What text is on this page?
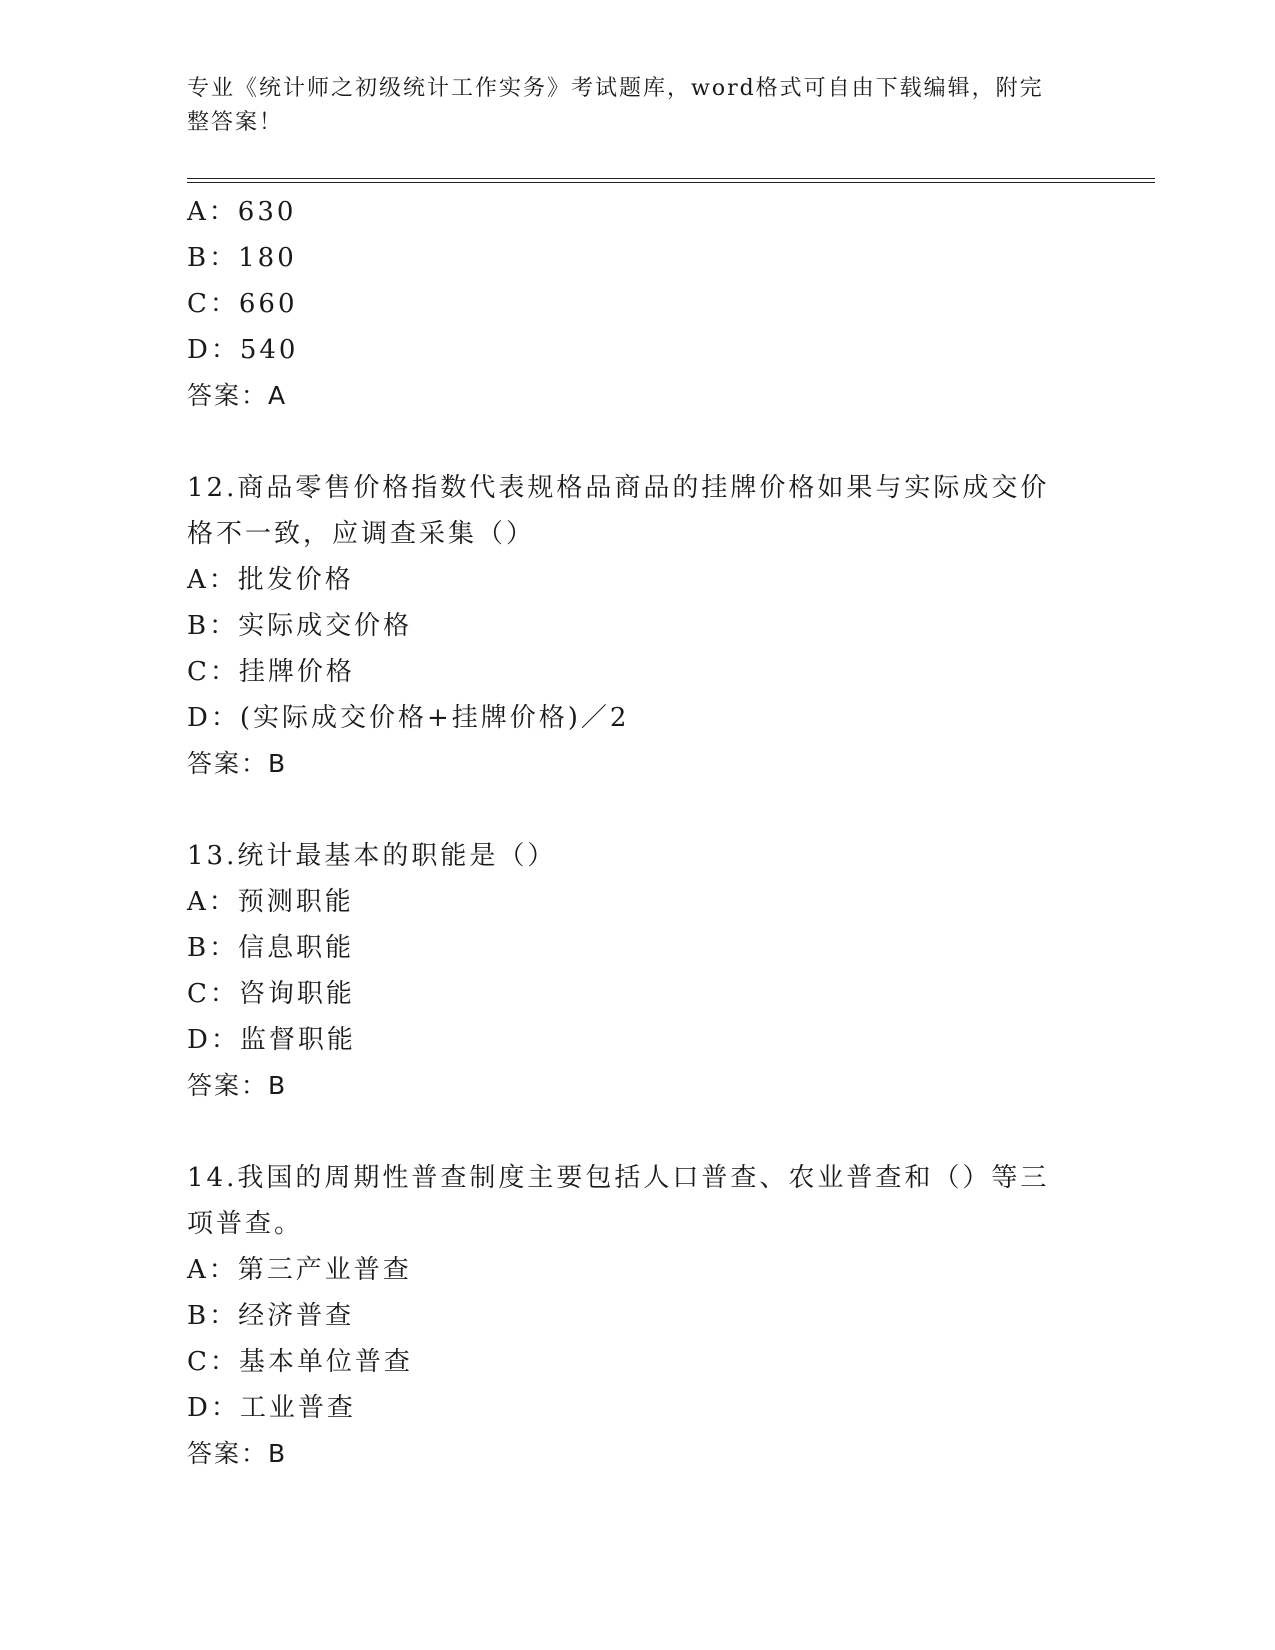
专业《统计师之初级统计工作实务》考试题库，word格式可自由下载编辑，附完整答案！

A：630

B：180

C：660

D：540

答案：A

12.商品零售价格指数代表规格品商品的挂牌价格如果与实际成交价格不一致，应调查采集（）

A：批发价格

B：实际成交价格

C：挂牌价格

D：(实际成交价格+挂牌价格)／2

答案：B

13.统计最基本的职能是（）

A：预测职能

B：信息职能

C：咨询职能

D：监督职能

答案：B

14.我国的周期性普查制度主要包括人口普查、农业普查和（）等三项普查。

A：第三产业普查

B：经济普查

C：基本单位普查

D：工业普查

答案：B
